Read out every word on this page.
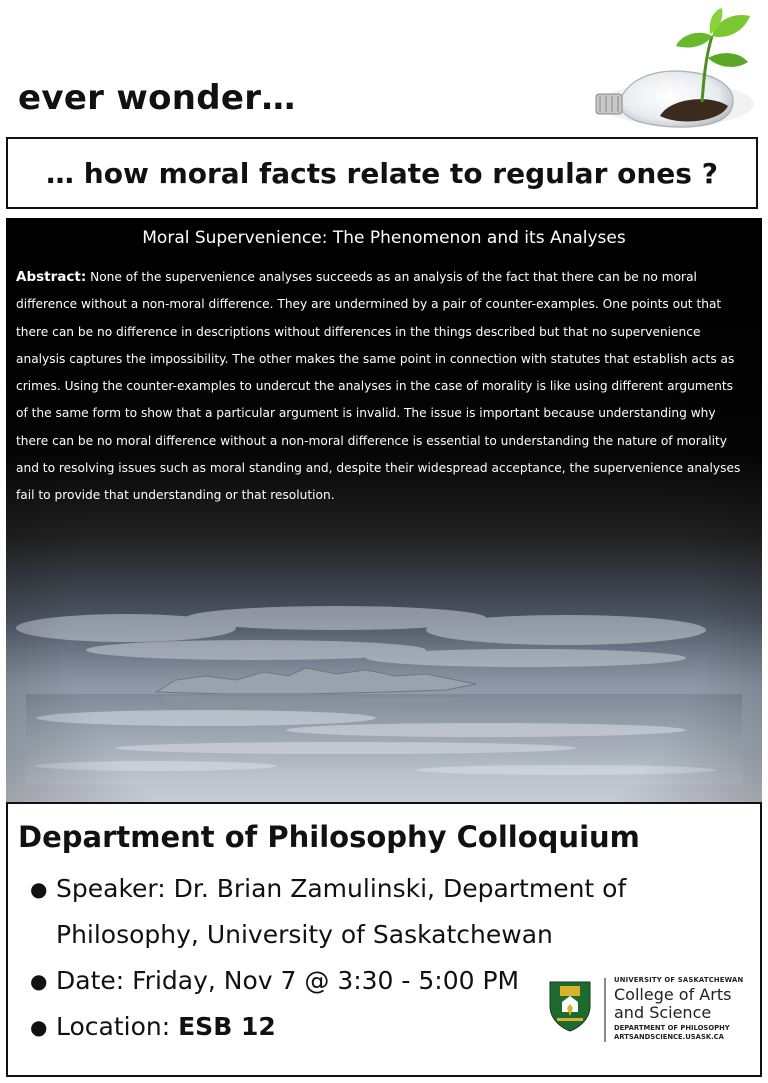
ever wonder…
… how moral facts relate to regular ones ?
Moral Supervenience: The Phenomenon and its Analyses
Abstract: None of the supervenience analyses succeeds as an analysis of the fact that there can be no moral difference without a non-moral difference. They are undermined by a pair of counter-examples. One points out that there can be no difference in descriptions without differences in the things described but that no supervenience analysis captures the impossibility. The other makes the same point in connection with statutes that establish acts as crimes. Using the counter-examples to undercut the analyses in the case of morality is like using different arguments of the same form to show that a particular argument is invalid. The issue is important because understanding why there can be no moral difference without a non-moral difference is essential to understanding the nature of morality and to resolving issues such as moral standing and, despite their widespread acceptance, the supervenience analyses fail to provide that understanding or that resolution.
Department of Philosophy Colloquium
● Speaker: Dr. Brian Zamulinski, Department of Philosophy, University of Saskatchewan
● Date: Friday, Nov 7 @ 3:30 - 5:00 PM
● Location: ESB 12
UNIVERSITY OF SASKATCHEWAN
College of Arts and Science
DEPARTMENT OF PHILOSOPHY
ARTSANDSCIENCE.USASK.CA
